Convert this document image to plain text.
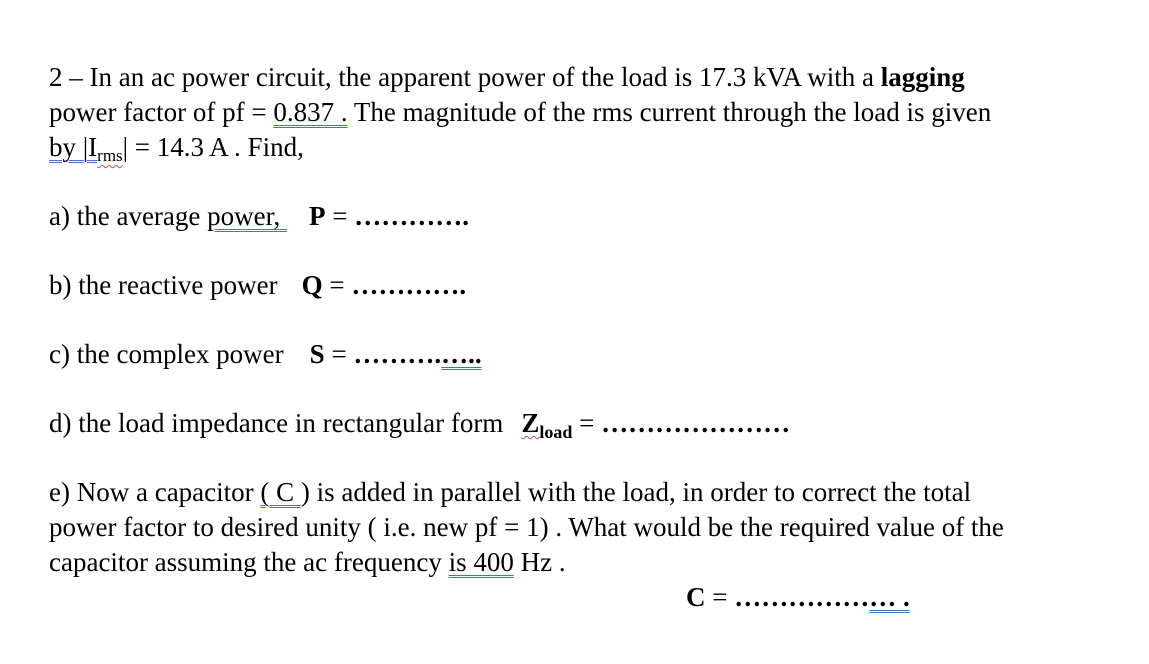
2 – In an ac power circuit, the apparent power of the load is 17.3 kVA with a lagging
power factor of pf = 0.837 . The magnitude of the rms current through the load is given
by $|I_{rms}| = 14.3$ A . Find,
a) the average power, P = ………….
b) the reactive power Q = ………….
c) the complex power S = ……….…..
d) the load impedance in rectangular form $Z_{load}$ = …………………
e) Now a capacitor ( C ) is added in parallel with the load, in order to correct the total
power factor to desired unity ( i.e. new pf = 1) . What would be the required value of the
capacitor assuming the ac frequency is 400 Hz .
C = ……………… .
